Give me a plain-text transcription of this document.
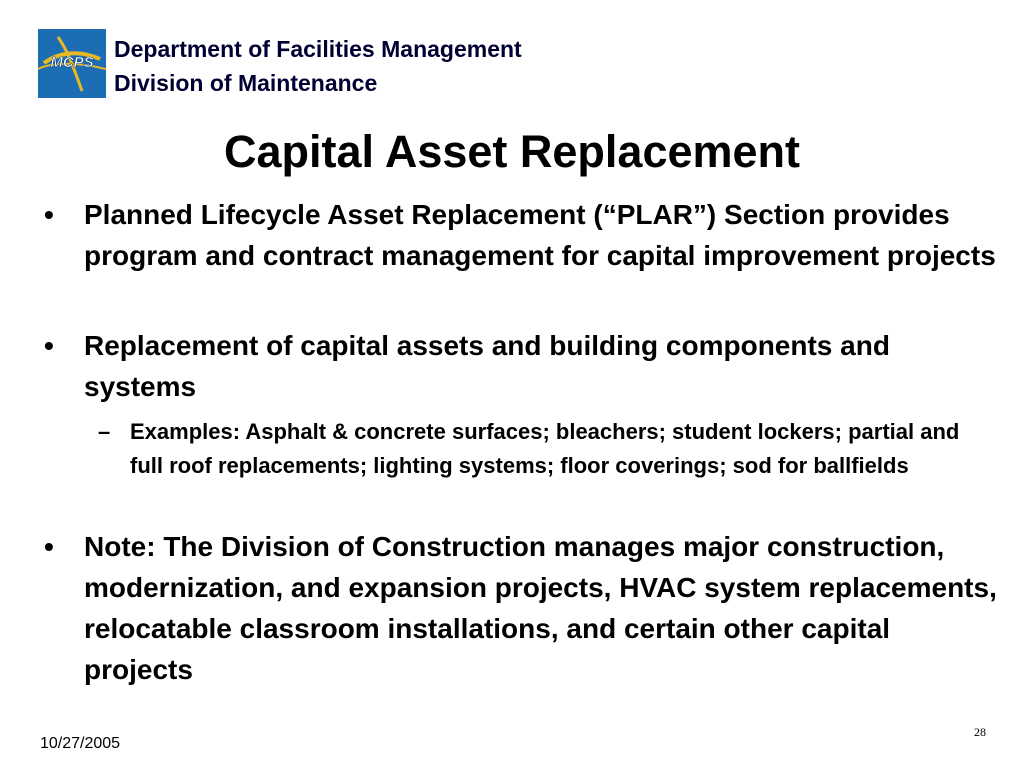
MCPS
Department of Facilities Management
Division of Maintenance
Capital Asset Replacement
• Planned Lifecycle Asset Replacement (“PLAR”) Section provides program and contract management for capital improvement projects
• Replacement of capital assets and building components and systems
– Examples: Asphalt & concrete surfaces; bleachers; student lockers; partial and full roof replacements; lighting systems; floor coverings; sod for ballfields
• Note: The Division of Construction manages major construction, modernization, and expansion projects, HVAC system replacements, relocatable classroom installations, and certain other capital projects
10/27/2005
28
